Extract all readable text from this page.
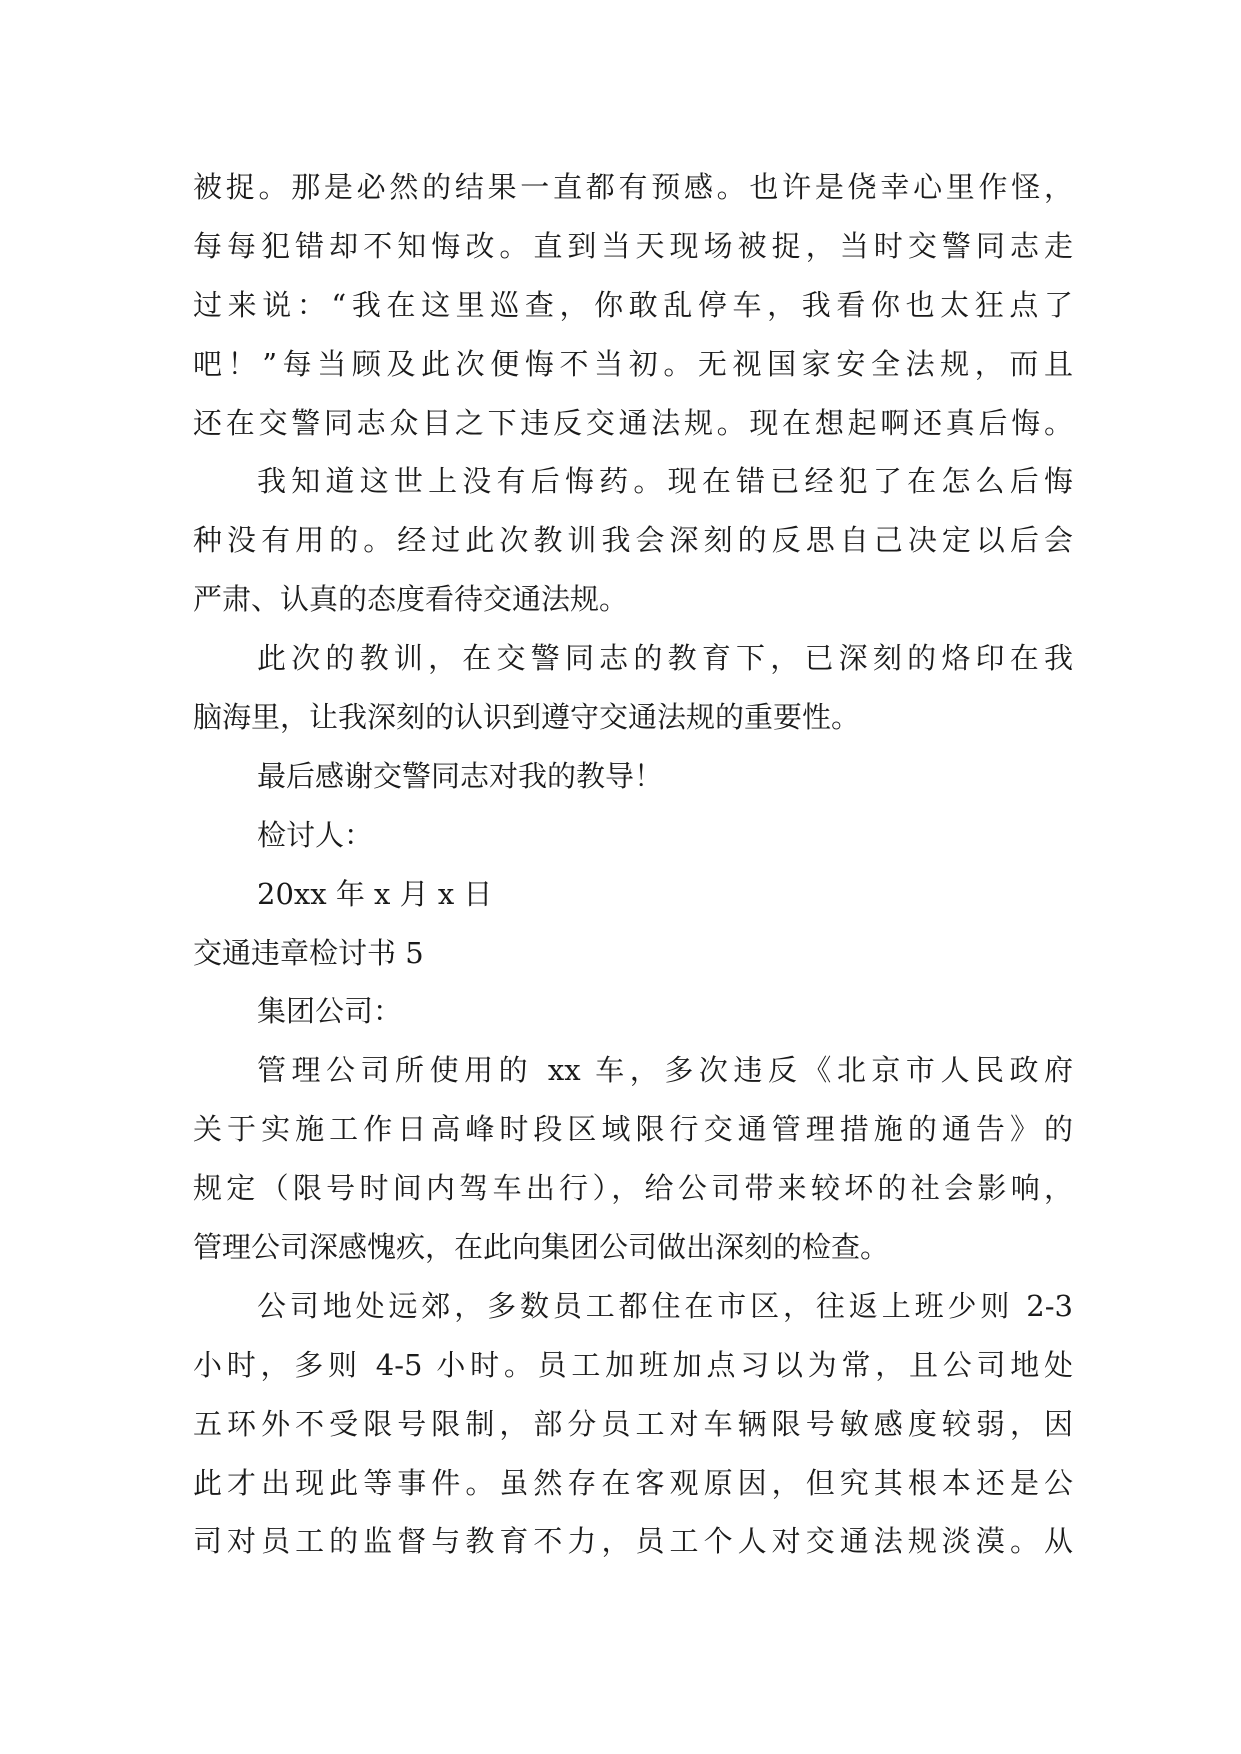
被捉。那是必然的结果一直都有预感。也许是侥幸心里作怪，
每每犯错却不知悔改。直到当天现场被捉，当时交警同志走
过来说：“我在这里巡查，你敢乱停车，我看你也太狂点了
吧！”每当顾及此次便悔不当初。无视国家安全法规，而且
还在交警同志众目之下违反交通法规。现在想起啊还真后悔。
我知道这世上没有后悔药。现在错已经犯了在怎么后悔
种没有用的。经过此次教训我会深刻的反思自己决定以后会
严肃、认真的态度看待交通法规。
此次的教训，在交警同志的教育下，已深刻的烙印在我
脑海里，让我深刻的认识到遵守交通法规的重要性。
最后感谢交警同志对我的教导！
检讨人：
20xx 年 x 月 x 日
交通违章检讨书 5
集团公司：
管理公司所使用的 xx 车，多次违反《北京市人民政府
关于实施工作日高峰时段区域限行交通管理措施的通告》的
规定（限号时间内驾车出行），给公司带来较坏的社会影响，
管理公司深感愧疚，在此向集团公司做出深刻的检查。
公司地处远郊，多数员工都住在市区，往返上班少则 2-3
小时，多则 4-5 小时。员工加班加点习以为常，且公司地处
五环外不受限号限制，部分员工对车辆限号敏感度较弱，因
此才出现此等事件。虽然存在客观原因，但究其根本还是公
司对员工的监督与教育不力，员工个人对交通法规淡漠。从
